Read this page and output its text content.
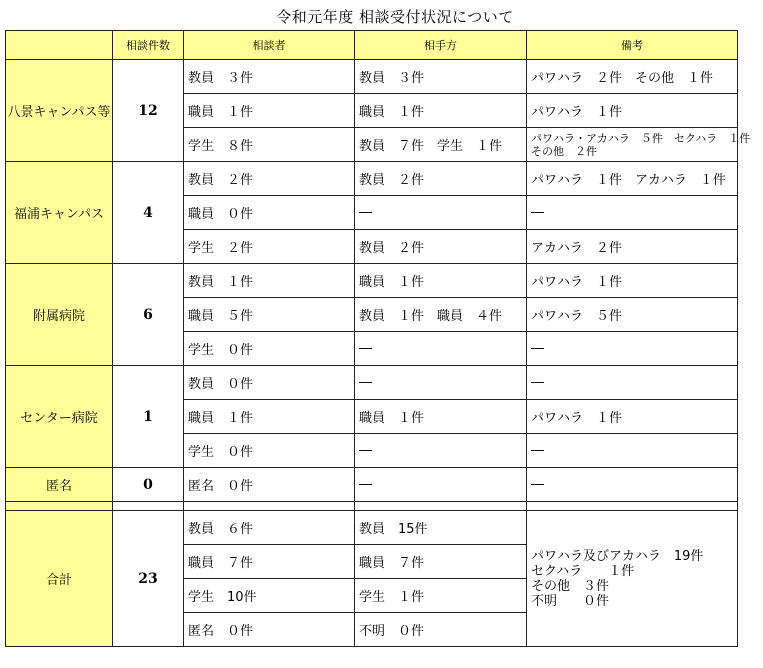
令和元年度 相談受付状況について
	相談件数	相談者	相手方	備考
八景キャンパス等	12	教員　３件	教員　３件	パワハラ　２件　その他　１件
		職員　１件	職員　１件	パワハラ　１件
		学生　８件	教員　７件　学生　１件	パワハラ・アカハラ　５件　セクハラ　１件
その他　２件

福浦キャンパス	4	教員　２件	教員　２件	パワハラ　１件　アカハラ　１件
		職員　０件	―	―
		学生　２件	教員　２件	アカハラ　２件
附属病院	6	教員　１件	職員　１件	パワハラ　１件
		職員　５件	教員　１件　職員　４件	パワハラ　５件
		学生　０件	―	―
センター病院	1	教員　０件	―	―
		職員　１件	職員　１件	パワハラ　１件
		学生　０件	―	―
匿名	0	匿名　０件	―	―

合計	23	教員　６件	教員　15件	パワハラ及びアカハラ　19件
セクハラ　　１件
その他　３件
不明　　０件

		職員　７件	職員　７件	
		学生　10件	学生　１件	
		匿名　０件	不明　０件	
